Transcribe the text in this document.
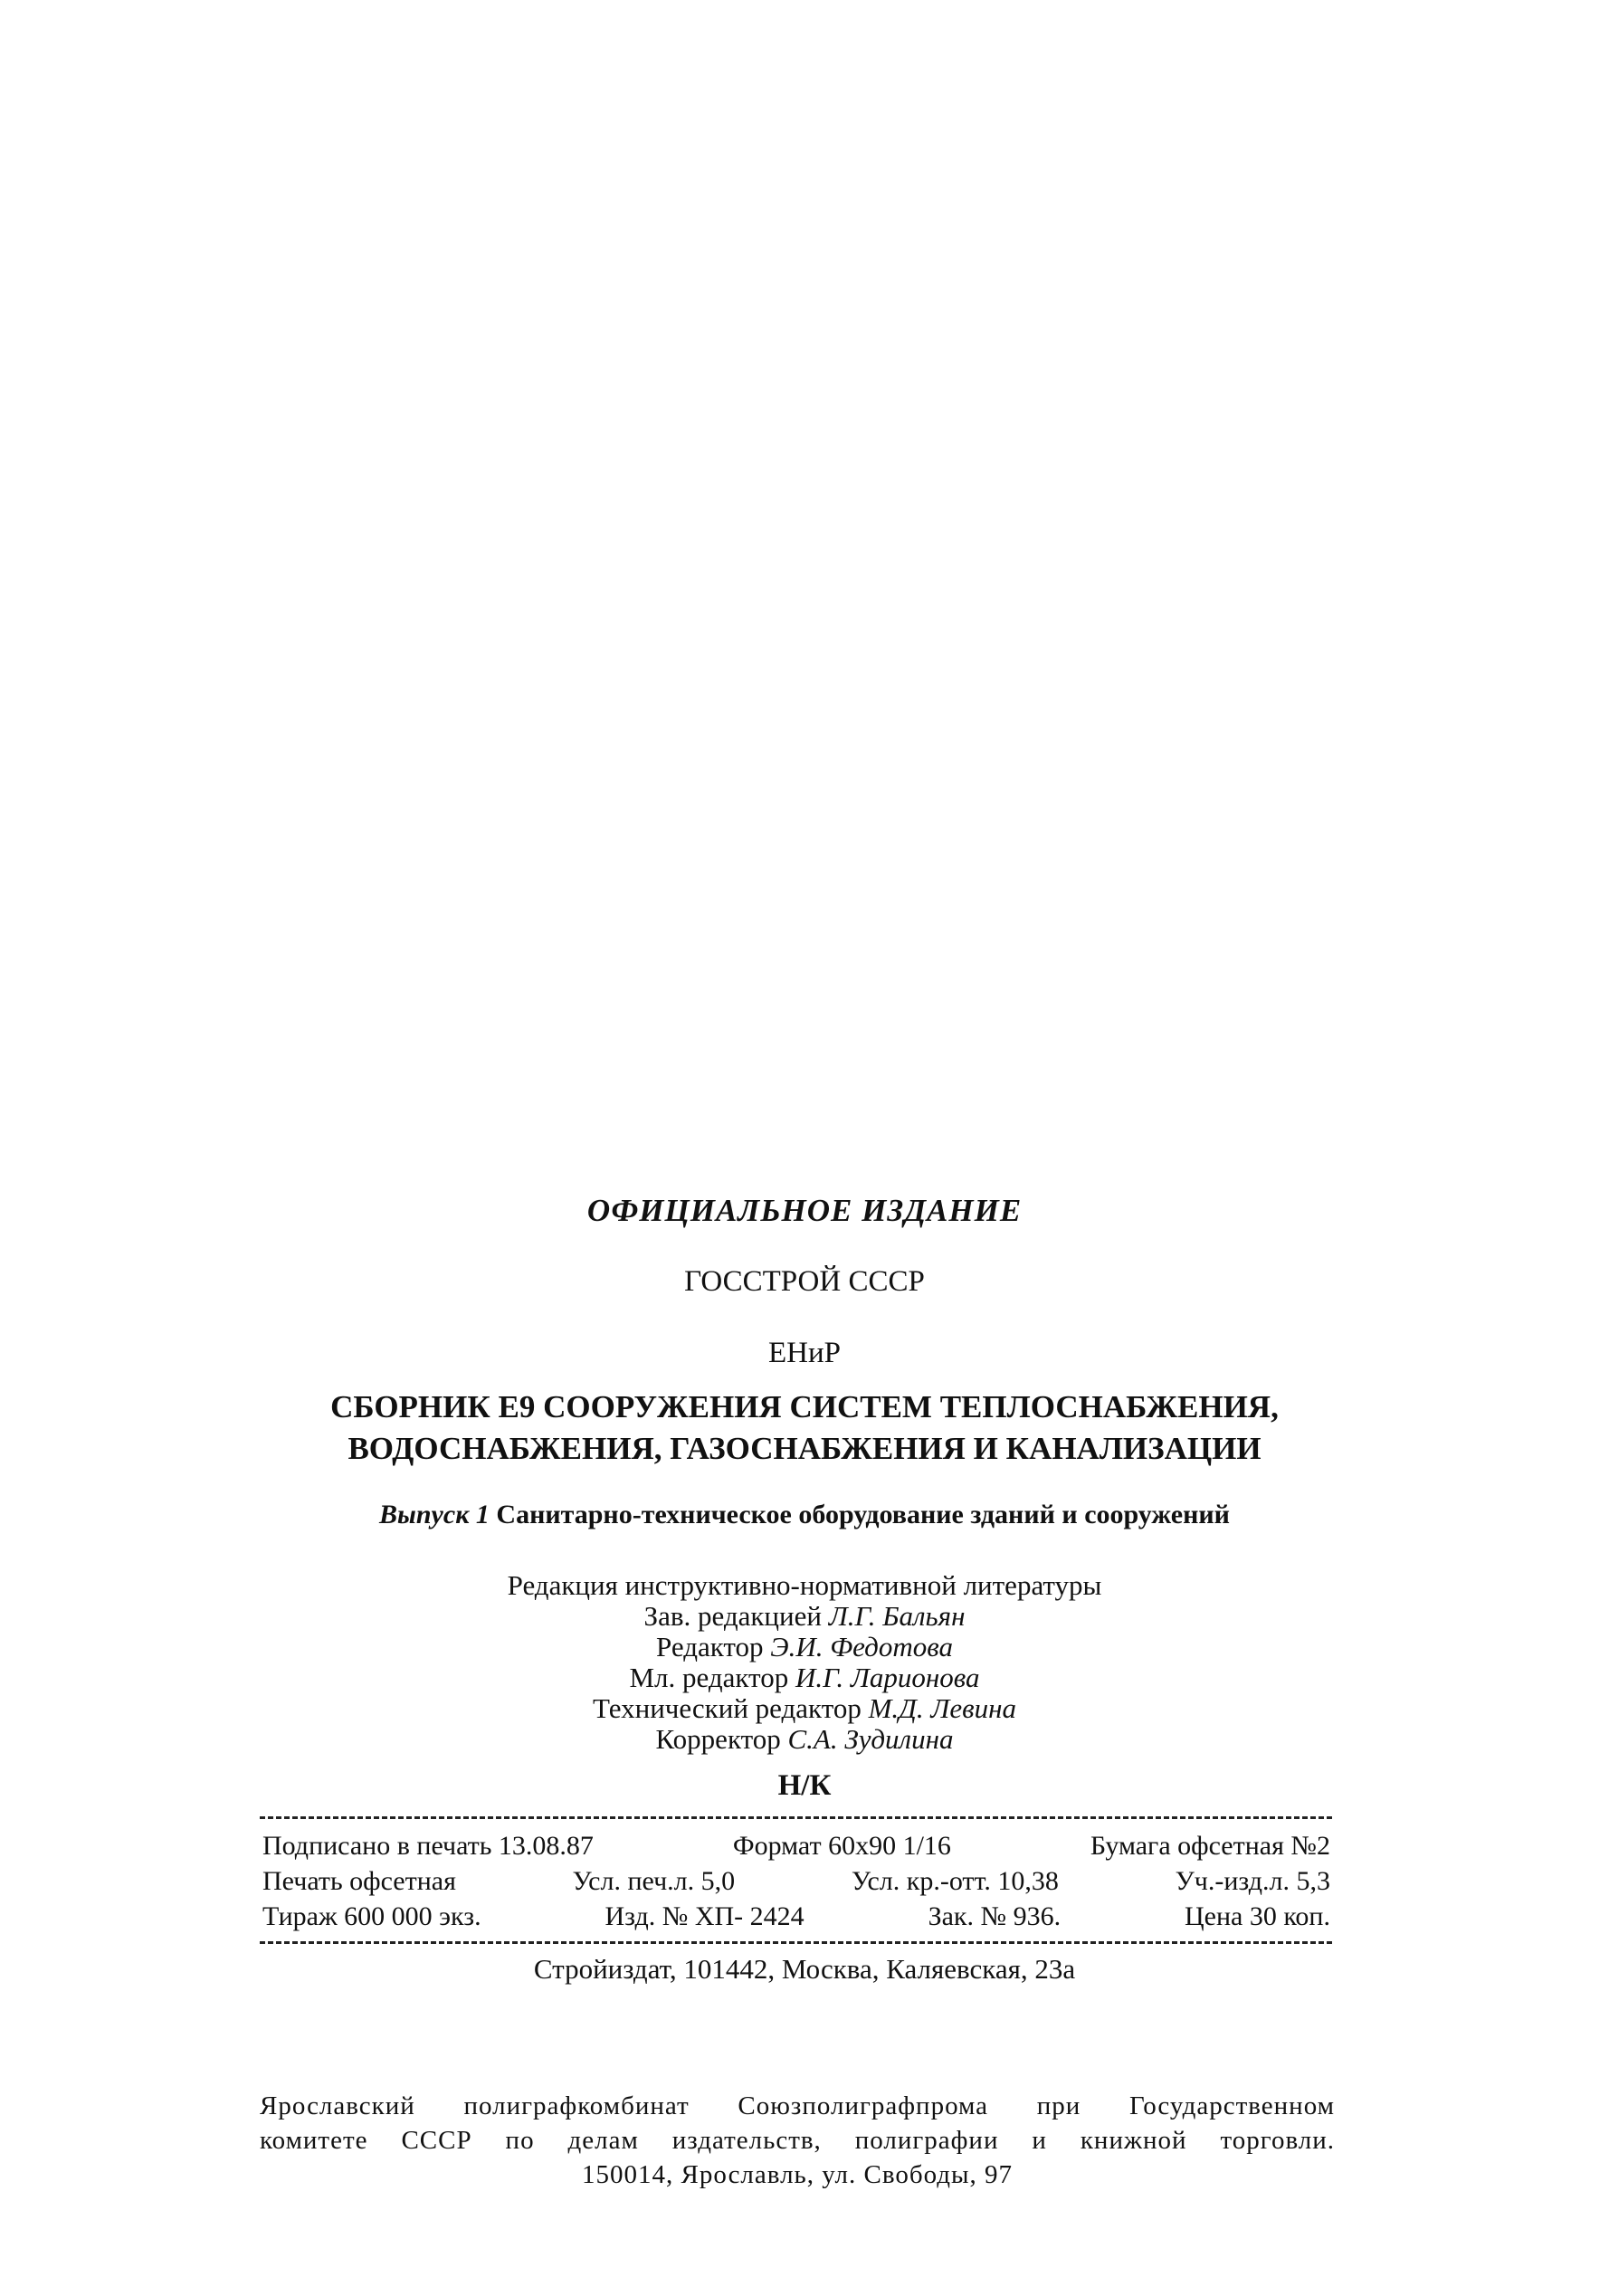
ОФИЦИАЛЬНОЕ ИЗДАНИЕ
ГОССТРОЙ СССР
ЕНиР
СБОРНИК Е9 СООРУЖЕНИЯ СИСТЕМ ТЕПЛОСНАБЖЕНИЯ,
ВОДОСНАБЖЕНИЯ, ГАЗОСНАБЖЕНИЯ И КАНАЛИЗАЦИИ
Выпуск 1 Санитарно-техническое оборудование зданий и сооружений
Редакция инструктивно-нормативной литературы
Зав. редакцией Л.Г. Бальян
Редактор Э.И. Федотова
Мл. редактор И.Г. Ларионова
Технический редактор М.Д. Левина
Корректор С.А. Зудилина
Н/К
Подписано в печать 13.08.87	Формат 60х90 1/16	Бумага офсетная №2
Печать офсетная	Усл. печ.л. 5,0	Усл. кр.-отт. 10,38	Уч.-изд.л. 5,3
Тираж 600 000 экз.	Изд. № ХП- 2424	Зак. № 936.	Цена 30 коп.
Стройиздат, 101442, Москва, Каляевская, 23а
Ярославский полиграфкомбинат Союзполиграфпрома при Государственном
комитете СССР по делам издательств, полиграфии и книжной торговли.
150014, Ярославль, ул. Свободы, 97
